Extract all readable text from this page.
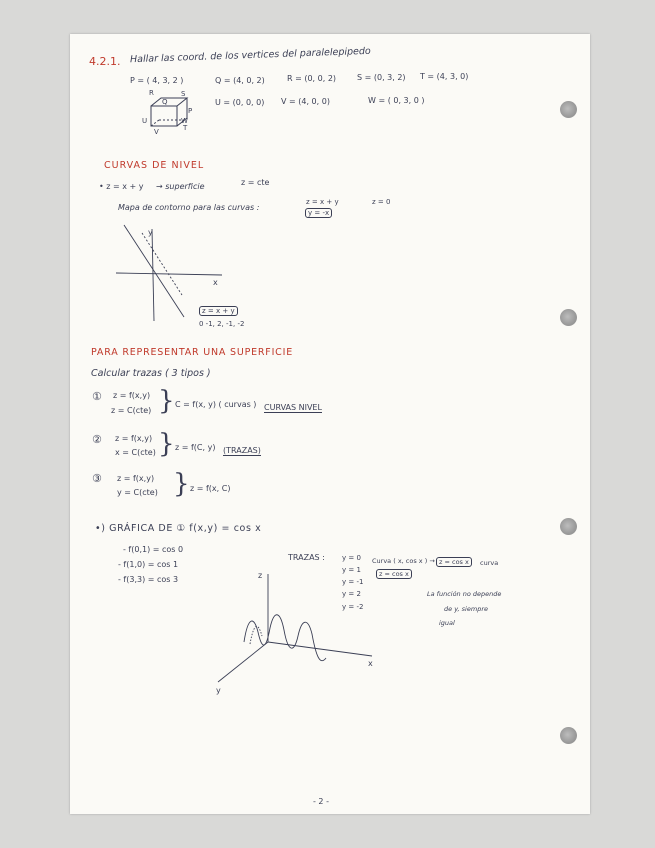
4.2.1. Hallar las coord. de los vertices del paralelepipedo
P = ( 4, 3, 2 )	Q = (4, 0, 2)	R = (0, 0, 2)	S = (0, 3, 2) T = (4, 3, 0)
U = (0, 0, 0) V = (4, 0, 0)	W = ( 0, 3, 0 )
R	S
Q
P
U	W
V	T
CURVAS DE NIVEL
• z = x + y → superficie	z = cte
Mapa de contorno para las curvas :
z = x + y
y = -x
z = 0
y
x
z = x + y
0 -1, 2, -1, -2
PARA REPRESENTAR UNA SUPERFICIE
Calcular trazas ( 3 tipos )
① z = f(x,y)
z = C(cte) } C = f(x, y) ( curvas ) CURVAS NIVEL
② z = f(x,y)
x = C(cte) } z = f(C, y) (TRAZAS)
③ z = f(x,y)
y = C(cte) } z = f(x, C)
•) GRÁFICA DE ① f(x,y) = cos x
- f(0,1) = cos 0
- f(1,0) = cos 1
- f(3,3) = cos 3
TRAZAS : y = 0
y = 1
y = -1
y = 2
y = -2
Curva ( x, cos x ) → z = cos x	curva
z = cos x
La función no depende
de y, siempre
igual
z
x
y
- 2 -
